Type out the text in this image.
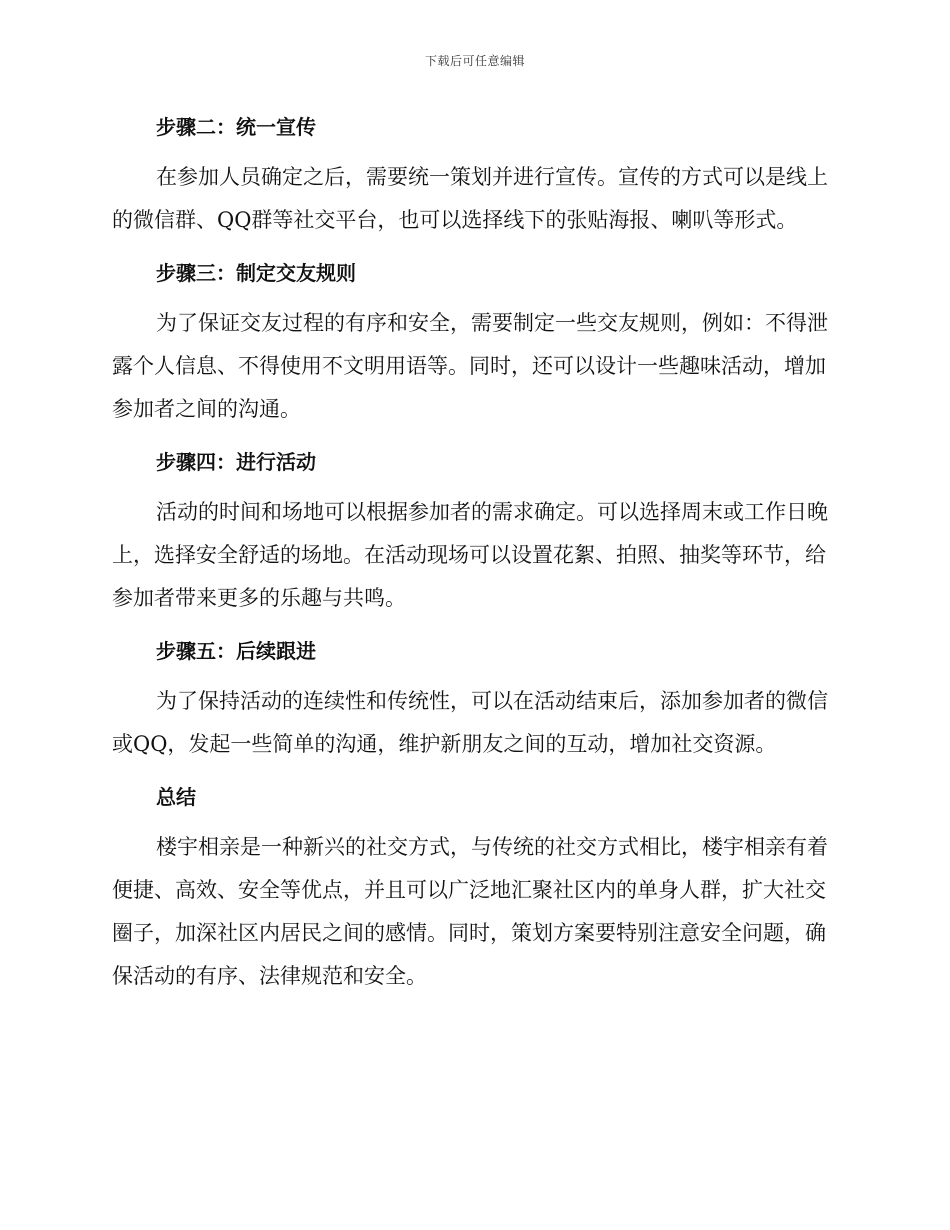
下载后可任意编辑
步骤二：统一宣传

在参加人员确定之后，需要统一策划并进行宣传。宣传的方式可以是线上的微信群、QQ群等社交平台，也可以选择线下的张贴海报、喇叭等形式。

步骤三：制定交友规则

为了保证交友过程的有序和安全，需要制定一些交友规则，例如：不得泄露个人信息、不得使用不文明用语等。同时，还可以设计一些趣味活动，增加参加者之间的沟通。

步骤四：进行活动

活动的时间和场地可以根据参加者的需求确定。可以选择周末或工作日晚上，选择安全舒适的场地。在活动现场可以设置花絮、拍照、抽奖等环节，给参加者带来更多的乐趣与共鸣。

步骤五：后续跟进

为了保持活动的连续性和传统性，可以在活动结束后，添加参加者的微信或QQ，发起一些简单的沟通，维护新朋友之间的互动，增加社交资源。

总结

楼宇相亲是一种新兴的社交方式，与传统的社交方式相比，楼宇相亲有着便捷、高效、安全等优点，并且可以广泛地汇聚社区内的单身人群，扩大社交圈子，加深社区内居民之间的感情。同时，策划方案要特别注意安全问题，确保活动的有序、法律规范和安全。
